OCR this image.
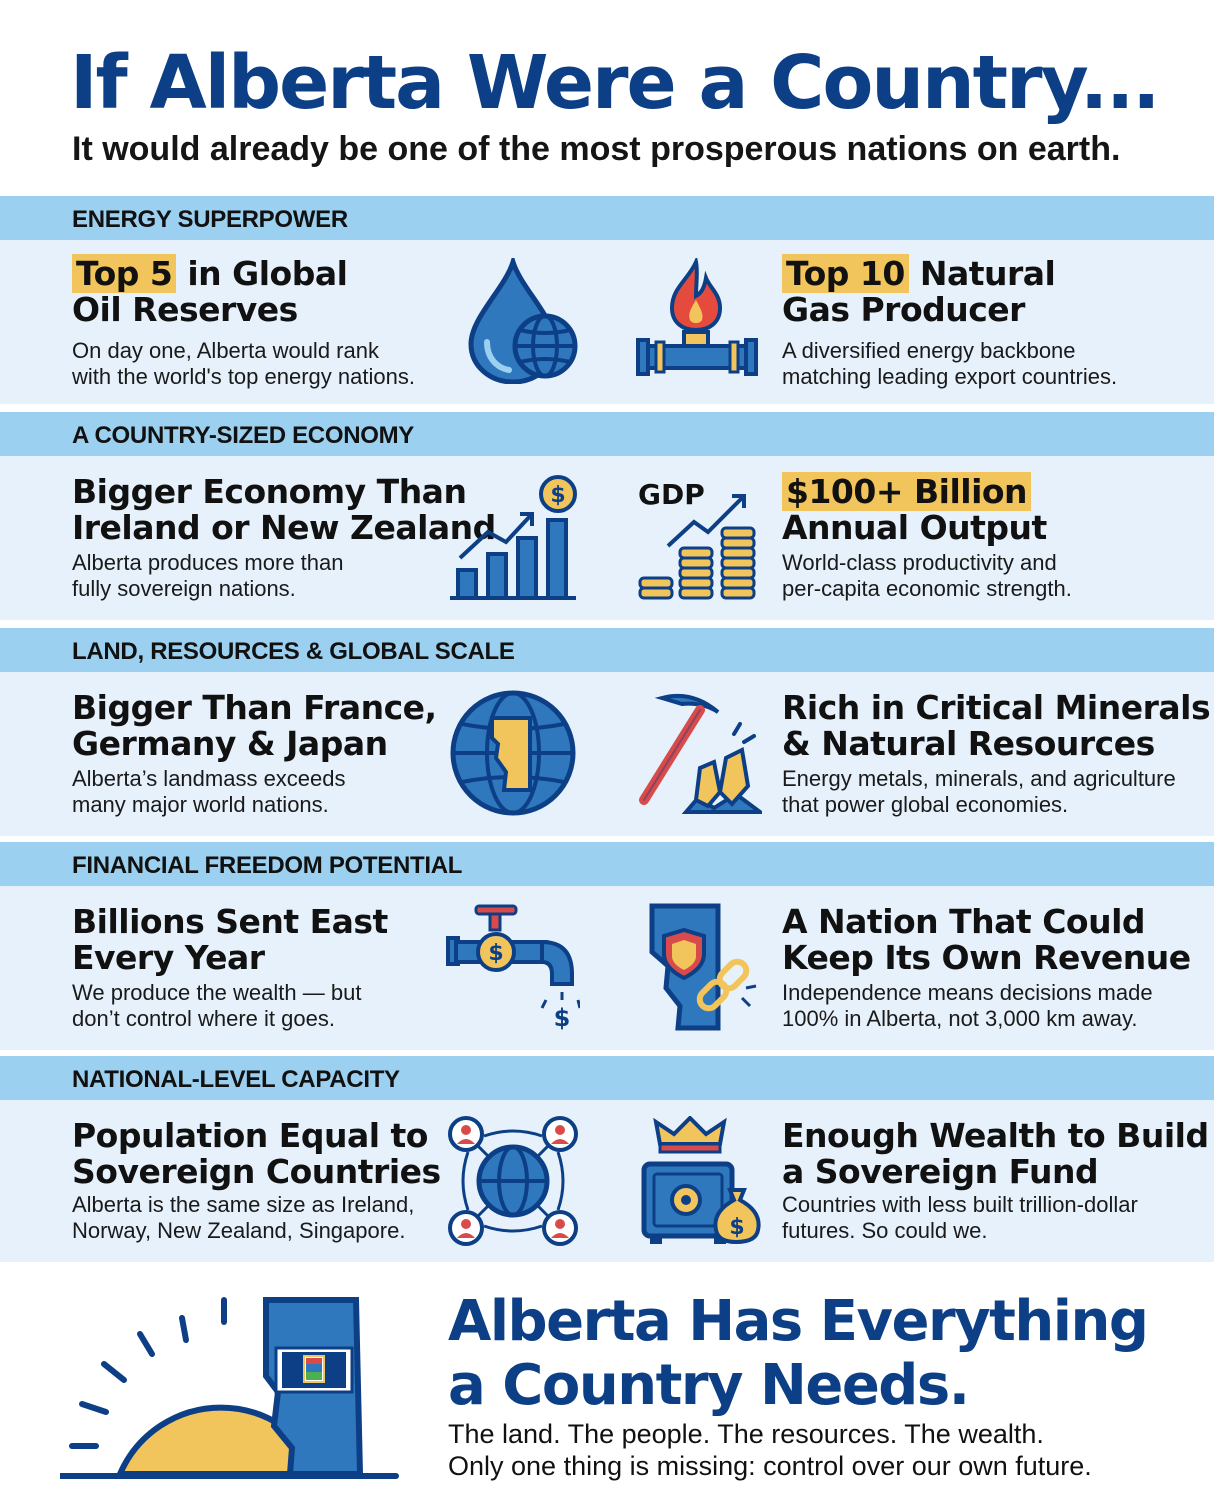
If Alberta Were a Country...
It would already be one of the most prosperous nations on earth.
ENERGY SUPERPOWER
Top 5 in Global
Oil Reserves
On day one, Alberta would rank
with the world's top energy nations.
Top 10 Natural
Gas Producer
A diversified energy backbone
matching leading export countries.
A COUNTRY-SIZED ECONOMY
Bigger Economy Than
Ireland or New Zealand
Alberta produces more than
fully sovereign nations.
$	GDP $100+ Billion
Annual Output
World-class productivity and
per-capita economic strength.
LAND, RESOURCES & GLOBAL SCALE
Bigger Than France,
Germany & Japan
Alberta’s landmass exceeds
many major world nations.
Rich in Critical Minerals
& Natural Resources
Energy metals, minerals, and agriculture
that power global economies.
FINANCIAL FREEDOM POTENTIAL
Billions Sent East
Every Year
We produce the wealth — but
don’t control where it goes.
$
$
A Nation That Could
Keep Its Own Revenue
Independence means decisions made
100% in Alberta, not 3,000 km away.
NATIONAL-LEVEL CAPACITY
Population Equal to
Sovereign Countries
Alberta is the same size as Ireland,
Norway, New Zealand, Singapore.	$
Enough Wealth to Build
a Sovereign Fund
Countries with less built trillion-dollar
futures. So could we.
Alberta Has Everything
a Country Needs.
The land. The people. The resources. The wealth.
Only one thing is missing: control over our own future.
